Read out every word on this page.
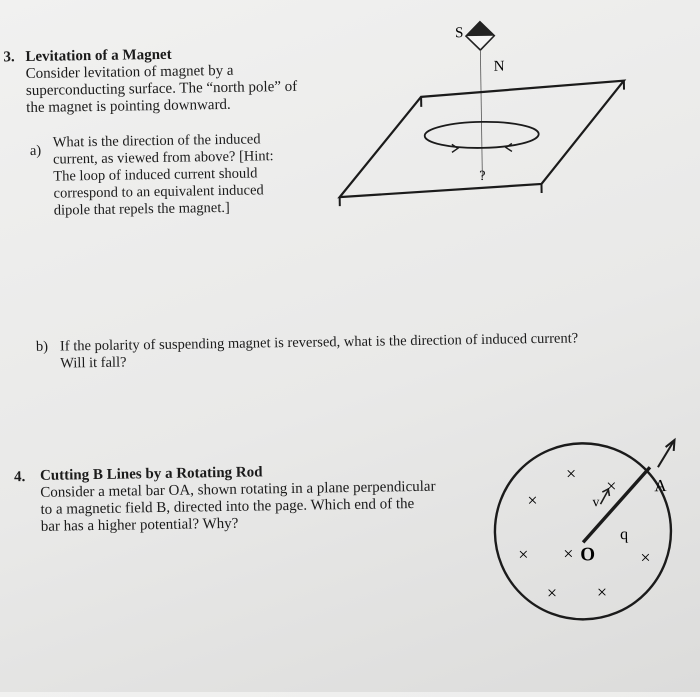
3. Levitation of a Magnet
Consider levitation of magnet by a
superconducting surface. The “north pole” of
the magnet is pointing downward.
a)
What is the direction of the induced
current, as viewed from above? [Hint:
The loop of induced current should
correspond to an equivalent induced
dipole that repels the magnet.]
S
N
?
b) If the polarity of suspending magnet is reversed, what is the direction of induced current?
Will it fall?
4. Cutting B Lines by a Rotating Rod
Consider a metal bar OA, shown rotating in a plane perpendicular
to a magnetic field B, directed into the page. Which end of the
bar has a higher potential? Why?
v
A
O
b
×
×
×
× ×	×
× ×
